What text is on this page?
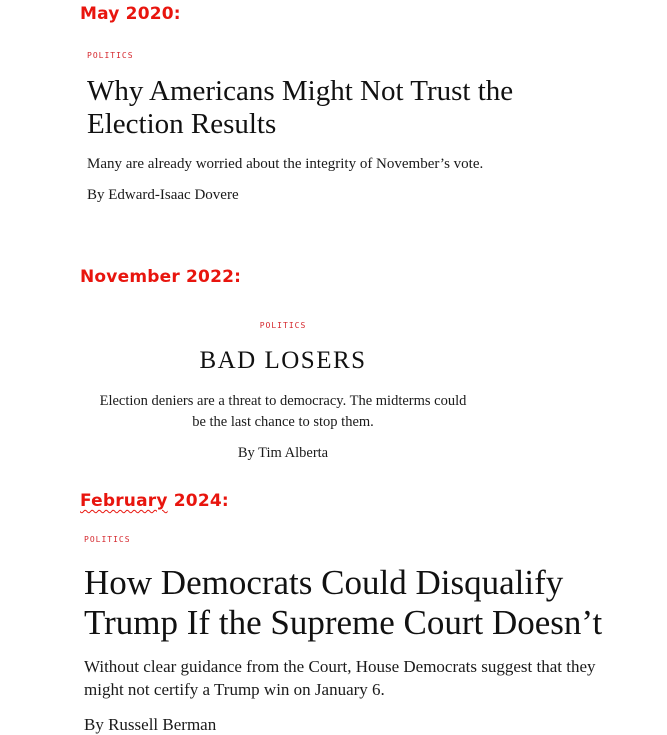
May 2020:

POLITICS

Why Americans Might Not Trust the Election Results

Many are already worried about the integrity of November’s vote.

By Edward-Isaac Dovere

November 2022:

POLITICS

BAD LOSERS

Election deniers are a threat to democracy. The midterms could be the last chance to stop them.

By Tim Alberta

February 2024:

POLITICS

How Democrats Could Disqualify Trump If the Supreme Court Doesn’t

Without clear guidance from the Court, House Democrats suggest that they might not certify a Trump win on January 6.

By Russell Berman
